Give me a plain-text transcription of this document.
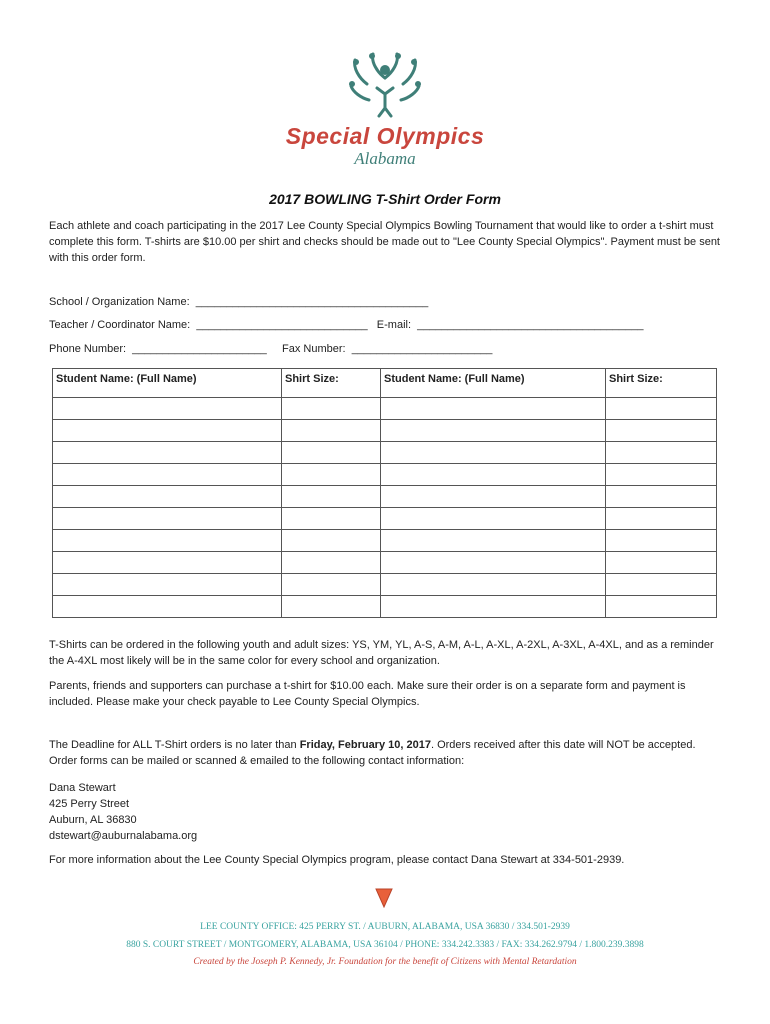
Special Olympics
Alabama
2017 BOWLING T-Shirt Order Form
Each athlete and coach participating in the 2017 Lee County Special Olympics Bowling Tournament that would like to order a t-shirt must complete this form. T-shirts are $10.00 per shirt and checks should be made out to "Lee County Special Olympics". Payment must be sent with this order form.
School / Organization Name:  ______________________________________
Teacher / Coordinator Name:  ____________________________   E-mail:  _____________________________________
Phone Number:  ______________________     Fax Number:  _______________________
Student Name: (Full Name)	Shirt Size:	Student Name: (Full Name)	Shirt Size:

T-Shirts can be ordered in the following youth and adult sizes: YS, YM, YL, A-S, A-M, A-L, A-XL, A-2XL, A-3XL, A-4XL, and as a reminder the A-4XL most likely will be in the same color for every school and organization.
Parents, friends and supporters can purchase a t-shirt for $10.00 each. Make sure their order is on a separate form and payment is included. Please make your check payable to Lee County Special Olympics.
The Deadline for ALL T-Shirt orders is no later than Friday, February 10, 2017. Orders received after this date will NOT be accepted. Order forms can be mailed or scanned & emailed to the following contact information:
Dana Stewart
425 Perry Street
Auburn, AL 36830
dstewart@auburnalabama.org
For more information about the Lee County Special Olympics program, please contact Dana Stewart at 334-501-2939.
LEE COUNTY OFFICE: 425 PERRY ST. / AUBURN, ALABAMA, USA 36830 / 334.501-2939
880 S. COURT STREET / MONTGOMERY, ALABAMA, USA 36104 / PHONE: 334.242.3383 / FAX: 334.262.9794 / 1.800.239.3898
Created by the Joseph P. Kennedy, Jr. Foundation for the benefit of Citizens with Mental Retardation
